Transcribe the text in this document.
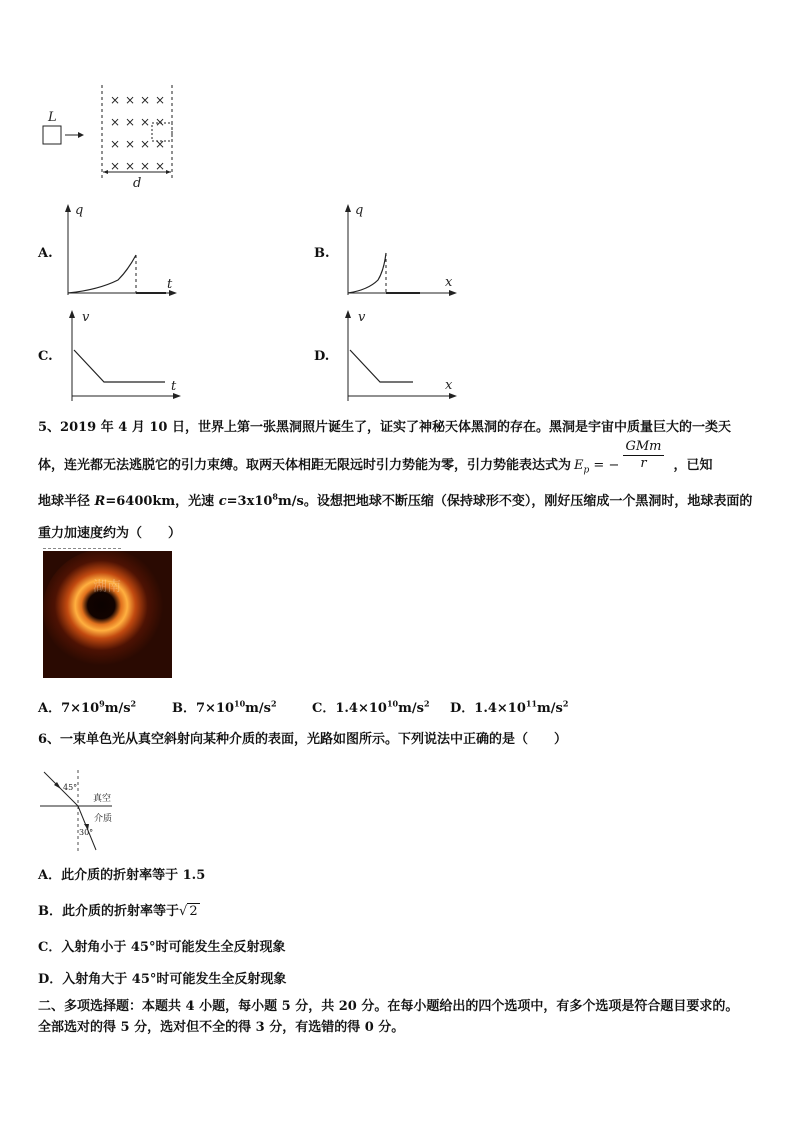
L
× × × ×
× × × ×
× × × ×
× × × ×
d
A.
q
t
B.
q
x
C.
v
t
D.
v
x
5、2019 年 4 月 10 日，世界上第一张黑洞照片诞生了，证实了神秘天体黑洞的存在。黑洞是宇宙中质量巨大的一类天
体，连光都无法逃脱它的引力束缚。取两天体相距无限远时引力势能为零，引力势能表达式为 $E_p$ = − $\frac{\text{GMm}}{r}$ ，已知
地球半径 R=6400km，光速 $c=3x10^8m/s$。设想把地球不断压缩（保持球形不变），刚好压缩成一个黑洞时，地球表面的
重力加速度约为（　　）
湖南
A．$7\times 10^9m/s^2$	B．$7\times 10^{10}m/s^2$	C．$1.4\times 10^{10}m/s^2$ D．$1.4\times 10^{11}m/s^2$
6、一束单色光从真空斜射向某种介质的表面，光路如图所示。下列说法中正确的是（　　）
45°
30°
真空
介质
A．此介质的折射率等于 1.5
B．此介质的折射率等于√ 2
C．入射角小于 45°时可能发生全反射现象
D．入射角大于 45°时可能发生全反射现象
二、多项选择题：本题共 4 小题，每小题 5 分，共 20 分。在每小题给出的四个选项中，有多个选项是符合题目要求的。
全部选对的得 5 分，选对但不全的得 3 分，有选错的得 0 分。
